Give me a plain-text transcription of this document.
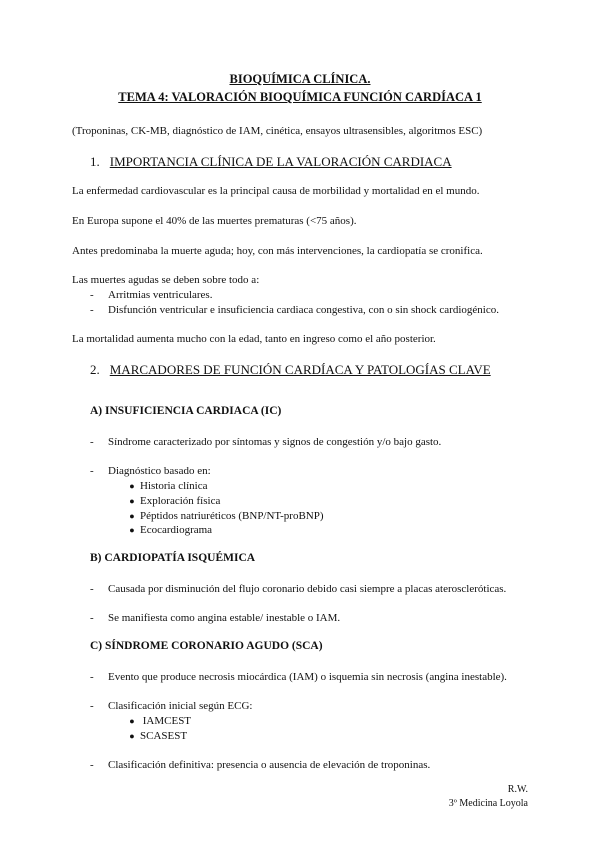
BIOQUÍMICA CLÍNICA.
TEMA 4: VALORACIÓN BIOQUÍMICA FUNCIÓN CARDÍACA 1
(Troponinas, CK-MB, diagnóstico de IAM, cinética, ensayos ultrasensibles, algoritmos ESC)
1. IMPORTANCIA CLÍNICA DE LA VALORACIÓN CARDIACA
La enfermedad cardiovascular es la principal causa de morbilidad y mortalidad en el mundo.
En Europa supone el 40% de las muertes prematuras (<75 años).
Antes predominaba la muerte aguda; hoy, con más intervenciones, la cardiopatía se cronifica.
Las muertes agudas se deben sobre todo a:
- Arritmias ventriculares.
- Disfunción ventricular e insuficiencia cardiaca congestiva, con o sin shock cardiogénico.
La mortalidad aumenta mucho con la edad, tanto en ingreso como el año posterior.
2. MARCADORES DE FUNCIÓN CARDÍACA Y PATOLOGÍAS CLAVE
A) INSUFICIENCIA CARDIACA (IC)
- Síndrome caracterizado por síntomas y signos de congestión y/o bajo gasto.
- Diagnóstico basado en:
● Historia clínica
● Exploración física
● Péptidos natriuréticos (BNP/NT-proBNP)
● Ecocardiograma
B) CARDIOPATÍA ISQUÉMICA
- Causada por disminución del flujo coronario debido casi siempre a placas ateroscleróticas.
- Se manifiesta como angina estable/ inestable o IAM.
C) SÍNDROME CORONARIO AGUDO (SCA)
- Evento que produce necrosis miocárdica (IAM) o isquemia sin necrosis (angina inestable).
- Clasificación inicial según ECG:
● IAMCEST
● SCASEST
- Clasificación definitiva: presencia o ausencia de elevación de troponinas.
R.W.
3º Medicina Loyola
